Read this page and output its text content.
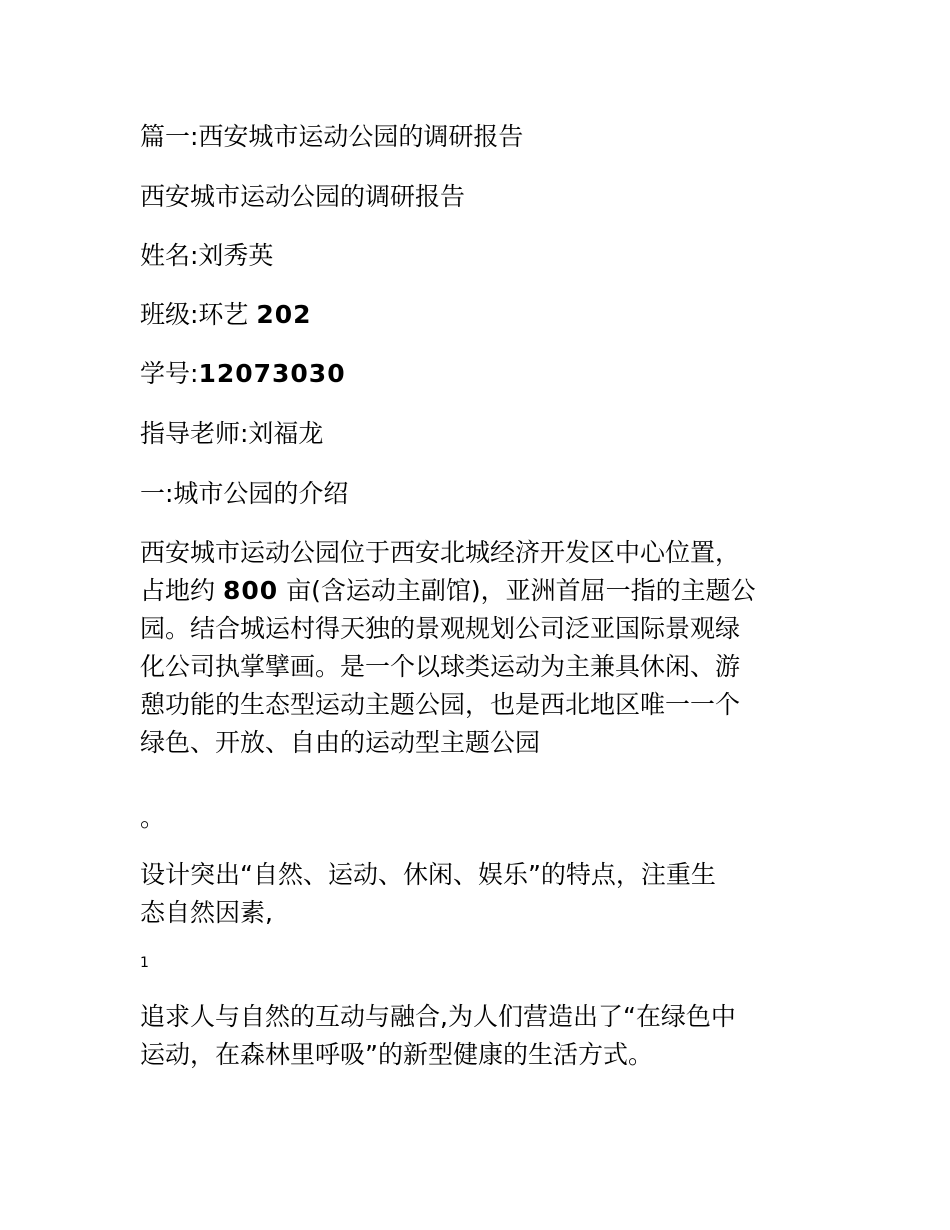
篇一:西安城市运动公园的调研报告

西安城市运动公园的调研报告

姓名:刘秀英

班级:环艺 202

学号:12073030

指导老师:刘福龙

一:城市公园的介绍

西安城市运动公园位于西安北城经济开发区中心位置，
占地约 800 亩(含运动主副馆)，亚洲首屈一指的主题公
园。结合城运村得天独的景观规划公司泛亚国际景观绿
化公司执掌擘画。是一个以球类运动为主兼具休闲、游
憩功能的生态型运动主题公园，也是西北地区唯一一个
绿色、开放、自由的运动型主题公园

。

设计突出“自然、运动、休闲、娱乐”的特点，注重生
态自然因素,

1

追求人与自然的互动与融合,为人们营造出了“在绿色中
运动，在森林里呼吸”的新型健康的生活方式。
